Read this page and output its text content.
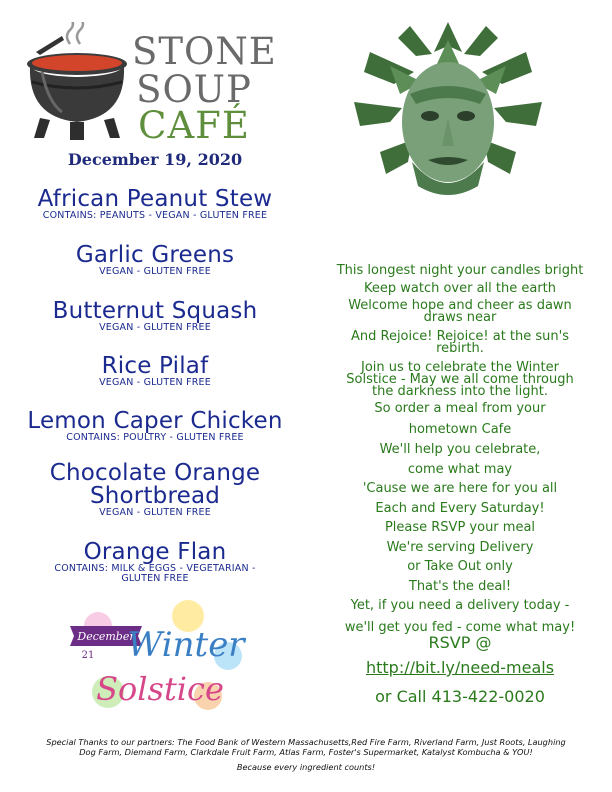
STONE
SOUP
CAFÉ
December 19, 2020
African Peanut Stew
CONTAINS: PEANUTS - VEGAN - GLUTEN FREE
Garlic Greens
VEGAN - GLUTEN FREE
Butternut Squash
VEGAN - GLUTEN FREE
Rice Pilaf
VEGAN - GLUTEN FREE
Lemon Caper Chicken
CONTAINS: POULTRY - GLUTEN FREE
Chocolate Orange
Shortbread
VEGAN - GLUTEN FREE
Orange Flan
CONTAINS: MILK & EGGS - VEGETARIAN -
GLUTEN FREE
This longest night your candles bright
Keep watch over all the earth
Welcome hope and cheer as dawn
draws near
And Rejoice! Rejoice! at the sun's
rebirth.
Join us to celebrate the Winter
Solstice - May we all come through
the darkness into the light.
So order a meal from your
hometown Cafe
We'll help you celebrate,
come what may
'Cause we are here for you all
Each and Every Saturday!
Please RSVP your meal
We're serving Delivery
or Take Out only
That's the deal!
Yet, if you need a delivery today -
we'll get you fed - come what may!
RSVP @
http://bit.ly/need-meals
or Call 413-422-0020
December
21 Winter
Solstice
Special Thanks to our partners: The Food Bank of Western Massachusetts,Red Fire Farm, Riverland Farm, Just Roots, Laughing
Dog Farm, Diemand Farm, Clarkdale Fruit Farm, Atlas Farm, Foster's Supermarket, Katalyst Kombucha & YOU!
Because every ingredient counts!
